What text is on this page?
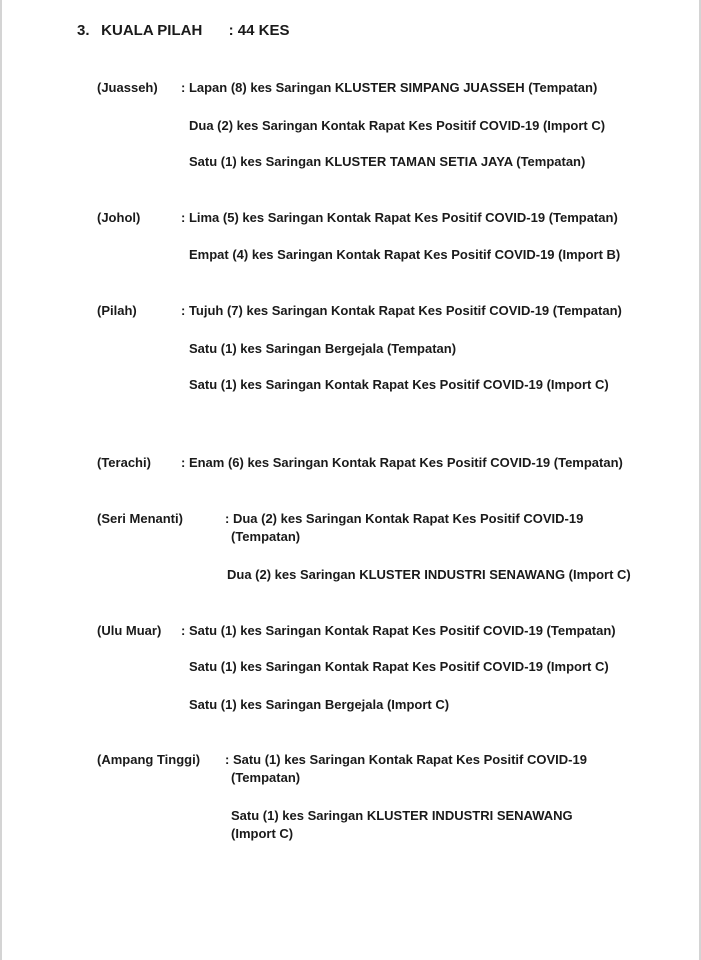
3. KUALA PILAH : 44 KES
(Juasseh) : Lapan (8) kes Saringan KLUSTER SIMPANG JUASSEH (Tempatan)
Dua (2) kes Saringan Kontak Rapat Kes Positif COVID-19 (Import C)
Satu (1) kes Saringan KLUSTER TAMAN SETIA JAYA (Tempatan)
(Johol)	: Lima (5) kes Saringan Kontak Rapat Kes Positif COVID-19 (Tempatan)
Empat (4) kes Saringan Kontak Rapat Kes Positif COVID-19 (Import B)
(Pilah)	: Tujuh (7) kes Saringan Kontak Rapat Kes Positif COVID-19 (Tempatan)
Satu (1) kes Saringan Bergejala (Tempatan)
Satu (1) kes Saringan Kontak Rapat Kes Positif COVID-19 (Import C)
(Terachi) : Enam (6) kes Saringan Kontak Rapat Kes Positif COVID-19 (Tempatan)
(Seri Menanti)	: Dua (2) kes Saringan Kontak Rapat Kes Positif COVID-19
(Tempatan)
Dua (2) kes Saringan KLUSTER INDUSTRI SENAWANG (Import C)
(Ulu Muar) : Satu (1) kes Saringan Kontak Rapat Kes Positif COVID-19 (Tempatan)
Satu (1) kes Saringan Kontak Rapat Kes Positif COVID-19 (Import C)
Satu (1) kes Saringan Bergejala (Import C)
(Ampang Tinggi) : Satu (1) kes Saringan Kontak Rapat Kes Positif COVID-19
(Tempatan)
Satu (1) kes Saringan KLUSTER INDUSTRI SENAWANG
(Import C)
